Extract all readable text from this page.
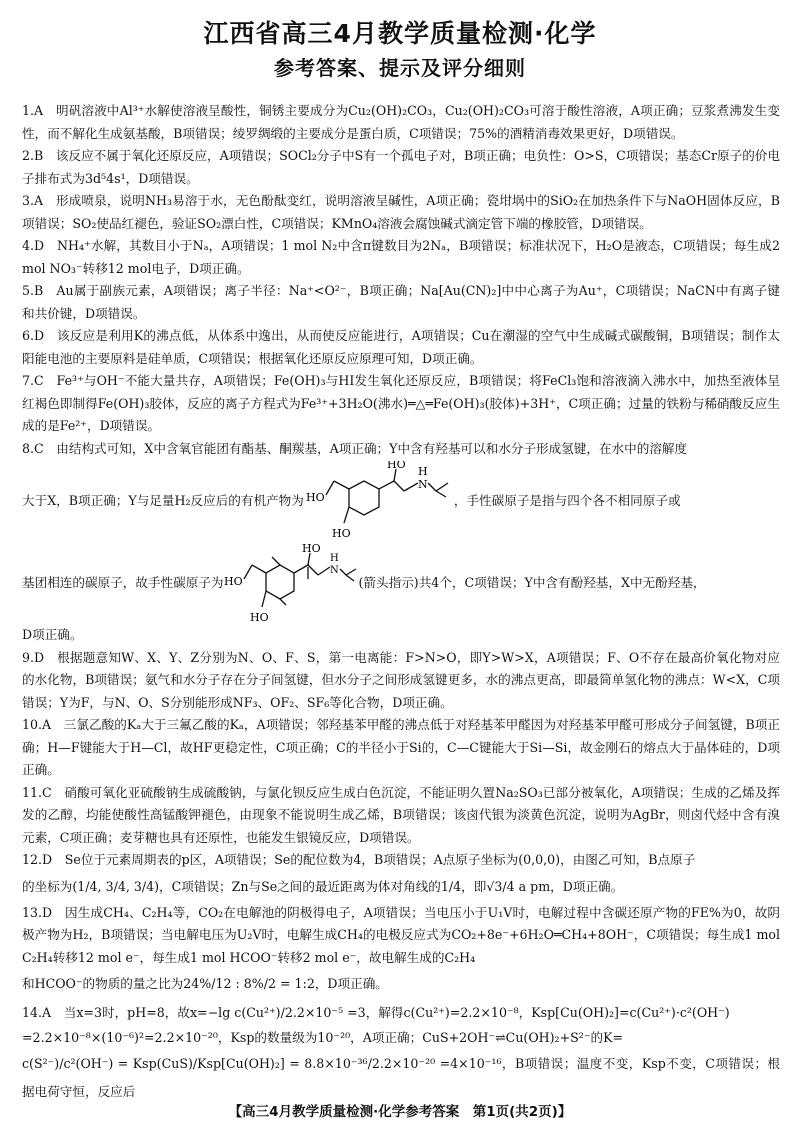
江西省高三4月教学质量检测·化学
参考答案、提示及评分细则

1.A　 明矾溶液中Al³⁺水解使溶液呈酸性，铜锈主要成分为Cu₂(OH)₂CO₃，Cu₂(OH)₂CO₃可溶于酸性溶液，A项正确；豆浆煮沸发生变性，而不解化生成氨基酸，B项错误；绫罗绸缎的主要成分是蛋白质，C项错误；75%的酒精消毒效果更好，D项错误。

2.B　 该反应不属于氧化还原反应，A项错误；SOCl₂分子中S有一个孤电子对，B项正确；电负性：O>S，C项错误；基态Cr原子的价电子排布式为3d⁵4s¹，D项错误。

3.A　 形成喷泉，说明NH₃易溶于水，无色酚酞变红，说明溶液呈碱性，A项正确；瓷坩埚中的SiO₂在加热条件下与NaOH固体反应，B项错误；SO₂使品红褪色，验证SO₂漂白性，C项错误；KMnO₄溶液会腐蚀碱式滴定管下端的橡胶管，D项错误。

4.D　 NH₄⁺水解，其数目小于Nₐ，A项错误；1 mol N₂中含π键数目为2Nₐ，B项错误；标准状况下，H₂O是液态，C项错误；每生成2 mol NO₃⁻转移12 mol电子，D项正确。

5.B　 Au属于副族元素，A项错误；离子半径：Na⁺<O²⁻，B项正确；Na[Au(CN)₂]中中心离子为Au⁺，C项错误；NaCN中有离子键和共价键，D项错误。

6.D　 该反应是利用K的沸点低，从体系中逸出，从而使反应能进行，A项错误；Cu在潮湿的空气中生成碱式碳酸铜，B项错误；制作太阳能电池的主要原料是硅单质，C项错误；根据氧化还原反应原理可知，D项正确。

7.C　 Fe³⁺与OH⁻不能大量共存，A项错误；Fe(OH)₃与HI发生氧化还原反应，B项错误；将FeCl₃饱和溶液滴入沸水中，加热至液体呈红褐色即制得Fe(OH)₃胶体，反应的离子方程式为Fe³⁺+3H₂O(沸水)═△═Fe(OH)₃(胶体)+3H⁺，C项正确；过量的铁粉与稀硝酸反应生成的是Fe²⁺，D项错误。

8.C　 由结构式可知，X中含氧官能团有酯基、酮羰基，A项正确；Y中含有羟基可以和水分子形成氢键，在水中的溶解度
大于X，B项正确；Y与足量H₂反应后的有机产物为 HO
HO
HO
H
N
，手性碳原子是指与四个各不相同原子或
基团相连的碳原子，故手性碳原子为 HO
HO
HO
H
N
(箭头指示)共4个，C项错误；Y中含有酚羟基，X中无酚羟基，
D项正确。

9.D　 根据题意知W、X、Y、Z分别为N、O、F、S，第一电离能：F>N>O，即Y>W>X，A项错误；F、O不存在最高价氧化物对应的水化物，B项错误；氨气和水分子存在分子间氢键，但水分子之间形成氢键更多，水的沸点更高，即最简单氢化物的沸点：W<X，C项错误；Y为F，与N、O、S分别能形成NF₃、OF₂、SF₆等化合物，D项正确。

10.A　 三氯乙酸的Kₐ大于三氟乙酸的Kₐ，A项错误；邻羟基苯甲醛的沸点低于对羟基苯甲醛因为对羟基苯甲醛可形成分子间氢键，B项正确；H—F键能大于H—Cl，故HF更稳定性，C项正确；C的半径小于Si的，C—C键能大于Si—Si，故金刚石的熔点大于晶体硅的，D项正确。

11.C　 硝酸可氧化亚硫酸钠生成硫酸钠，与氯化钡反应生成白色沉淀，不能证明久置Na₂SO₃已部分被氧化，A项错误；生成的乙烯及挥发的乙醇，均能使酸性高锰酸钾褪色，由现象不能说明生成乙烯，B项错误；该卤代银为淡黄色沉淀，说明为AgBr，则卤代烃中含有溴元素，C项正确；麦芽糖也具有还原性，也能发生银镜反应，D项错误。

12.D　 Se位于元素周期表的p区，A项错误；Se的配位数为4，B项错误；A点原子坐标为(0,0,0)，由图乙可知，B点原子
的坐标为(1/4, 3/4, 3/4)，C项错误；Zn与Se之间的最近距离为体对角线的1/4，即√3/4 a pm，D项正确。
13.D　 因生成CH₄、C₂H₄等，CO₂在电解池的阴极得电子，A项错误；当电压小于U₁V时，电解过程中含碳还原产物的FE%为0，故阴极产物为H₂，B项错误；当电解电压为U₂V时，电解生成CH₄的电极反应式为CO₂+8e⁻+6H₂O═CH₄+8OH⁻，C项错误；每生成1 mol C₂H₄转移12 mol e⁻，每生成1 mol HCOO⁻转移2 mol e⁻，故电解生成的C₂H₄
和HCOO⁻的物质的量之比为24%/12 : 8%/2 = 1:2，D项正确。
14.A　 当x=3时，pH=8，故x=−lg c(Cu²⁺)/2.2×10⁻⁵ =3，解得c(Cu²⁺)=2.2×10⁻⁸，Ksp[Cu(OH)₂]=c(Cu²⁺)·c²(OH⁻)
=2.2×10⁻⁸×(10⁻⁶)²=2.2×10⁻²⁰，Ksp的数量级为10⁻²⁰，A项正确；CuS+2OH⁻⇌Cu(OH)₂+S²⁻的K=
c(S²⁻)/c²(OH⁻) = Ksp(CuS)/Ksp[Cu(OH)₂] = 8.8×10⁻³⁶/2.2×10⁻²⁰ =4×10⁻¹⁶，B项错误；温度不变，Ksp不变，C项错误；根据电荷守恒，反应后
【高三4月教学质量检测·化学参考答案　第1页(共2页)】
